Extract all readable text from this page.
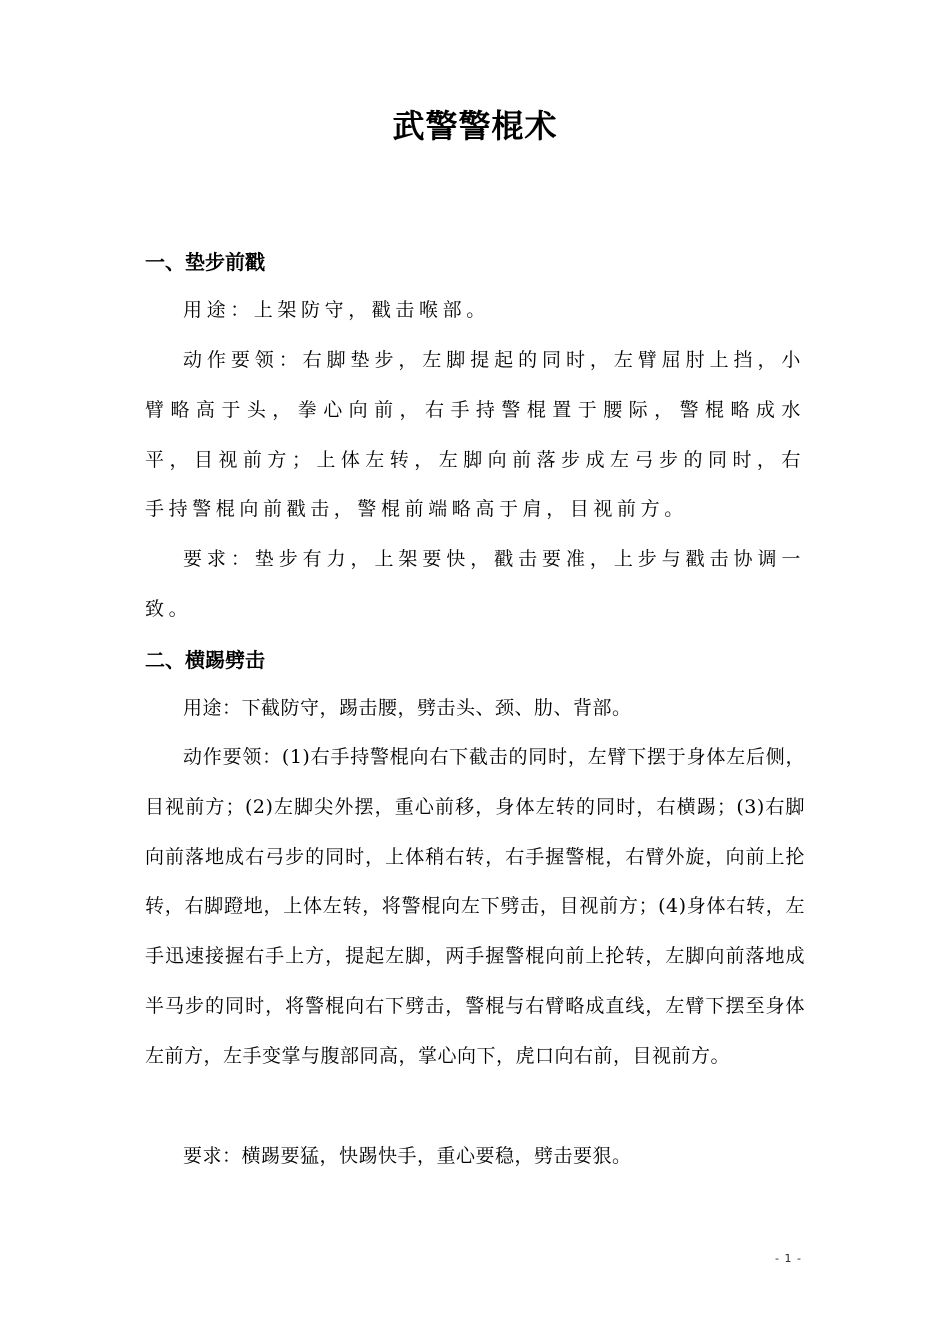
武警警棍术
一、垫步前戳

用途：上架防守，戳击喉部。

动作要领：右脚垫步，左脚提起的同时，左臂屈肘上挡，小臂略高于头，拳心向前，右手持警棍置于腰际，警棍略成水平，目视前方；上体左转，左脚向前落步成左弓步的同时，右手持警棍向前戳击，警棍前端略高于肩，目视前方。

要求：垫步有力，上架要快，戳击要准，上步与戳击协调一致。

二、横踢劈击

用途：下截防守，踢击腰，劈击头、颈、肋、背部。

动作要领：(1)右手持警棍向右下截击的同时，左臂下摆于身体左后侧，目视前方；(2)左脚尖外摆，重心前移，身体左转的同时，右横踢；(3)右脚向前落地成右弓步的同时，上体稍右转，右手握警棍，右臂外旋，向前上抡转，右脚蹬地，上体左转，将警棍向左下劈击，目视前方；(4)身体右转，左手迅速接握右手上方，提起左脚，两手握警棍向前上抡转，左脚向前落地成半马步的同时，将警棍向右下劈击，警棍与右臂略成直线，左臂下摆至身体左前方，左手变掌与腹部同高，掌心向下，虎口向右前，目视前方。

要求：横踢要猛，快踢快手，重心要稳，劈击要狠。

- 1 -
